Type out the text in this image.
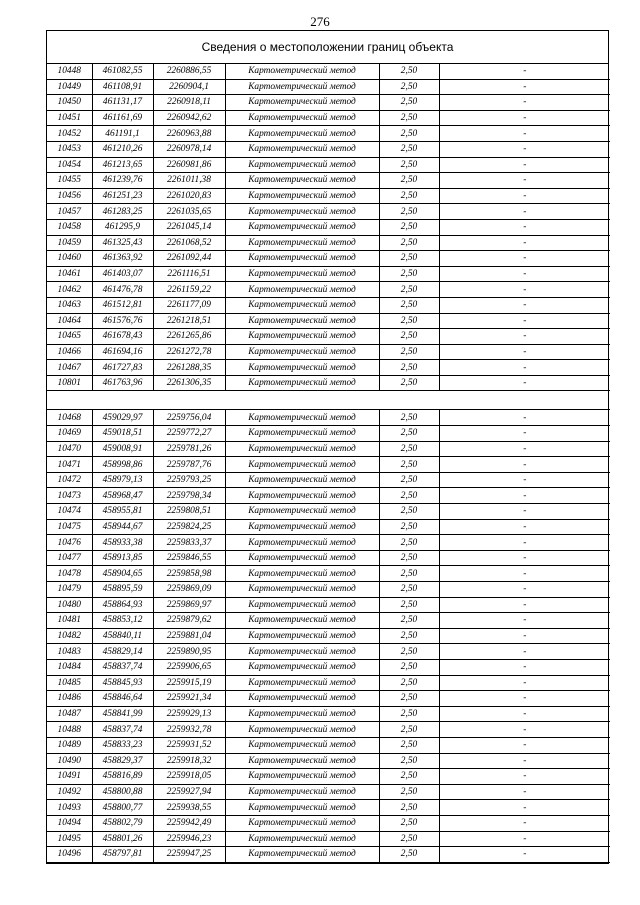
276
Сведения о местоположении границ объекта
10448	461082,55	2260886,55	Картометрический метод	2,50	-
10449	461108,91	2260904,1	Картометрический метод	2,50	-
10450	461131,17	2260918,11	Картометрический метод	2,50	-
10451	461161,69	2260942,62	Картометрический метод	2,50	-
10452	461191,1	2260963,88	Картометрический метод	2,50	-
10453	461210,26	2260978,14	Картометрический метод	2,50	-
10454	461213,65	2260981,86	Картометрический метод	2,50	-
10455	461239,76	2261011,38	Картометрический метод	2,50	-
10456	461251,23	2261020,83	Картометрический метод	2,50	-
10457	461283,25	2261035,65	Картометрический метод	2,50	-
10458	461295,9	2261045,14	Картометрический метод	2,50	-
10459	461325,43	2261068,52	Картометрический метод	2,50	-
10460	461363,92	2261092,44	Картометрический метод	2,50	-
10461	461403,07	2261116,51	Картометрический метод	2,50	-
10462	461476,78	2261159,22	Картометрический метод	2,50	-
10463	461512,81	2261177,09	Картометрический метод	2,50	-
10464	461576,76	2261218,51	Картометрический метод	2,50	-
10465	461678,43	2261265,86	Картометрический метод	2,50	-
10466	461694,16	2261272,78	Картометрический метод	2,50	-
10467	461727,83	2261288,35	Картометрический метод	2,50	-
10801	461763,96	2261306,35	Картометрический метод	2,50	-

10468	459029,97	2259756,04	Картометрический метод	2,50	-
10469	459018,51	2259772,27	Картометрический метод	2,50	-
10470	459008,91	2259781,26	Картометрический метод	2,50	-
10471	458998,86	2259787,76	Картометрический метод	2,50	-
10472	458979,13	2259793,25	Картометрический метод	2,50	-
10473	458968,47	2259798,34	Картометрический метод	2,50	-
10474	458955,81	2259808,51	Картометрический метод	2,50	-
10475	458944,67	2259824,25	Картометрический метод	2,50	-
10476	458933,38	2259833,37	Картометрический метод	2,50	-
10477	458913,85	2259846,55	Картометрический метод	2,50	-
10478	458904,65	2259858,98	Картометрический метод	2,50	-
10479	458895,59	2259869,09	Картометрический метод	2,50	-
10480	458864,93	2259869,97	Картометрический метод	2,50	-
10481	458853,12	2259879,62	Картометрический метод	2,50	-
10482	458840,11	2259881,04	Картометрический метод	2,50	-
10483	458829,14	2259890,95	Картометрический метод	2,50	-
10484	458837,74	2259906,65	Картометрический метод	2,50	-
10485	458845,93	2259915,19	Картометрический метод	2,50	-
10486	458846,64	2259921,34	Картометрический метод	2,50	-
10487	458841,99	2259929,13	Картометрический метод	2,50	-
10488	458837,74	2259932,78	Картометрический метод	2,50	-
10489	458833,23	2259931,52	Картометрический метод	2,50	-
10490	458829,37	2259918,32	Картометрический метод	2,50	-
10491	458816,89	2259918,05	Картометрический метод	2,50	-
10492	458800,88	2259927,94	Картометрический метод	2,50	-
10493	458800,77	2259938,55	Картометрический метод	2,50	-
10494	458802,79	2259942,49	Картометрический метод	2,50	-
10495	458801,26	2259946,23	Картометрический метод	2,50	-
10496	458797,81	2259947,25	Картометрический метод	2,50	-
